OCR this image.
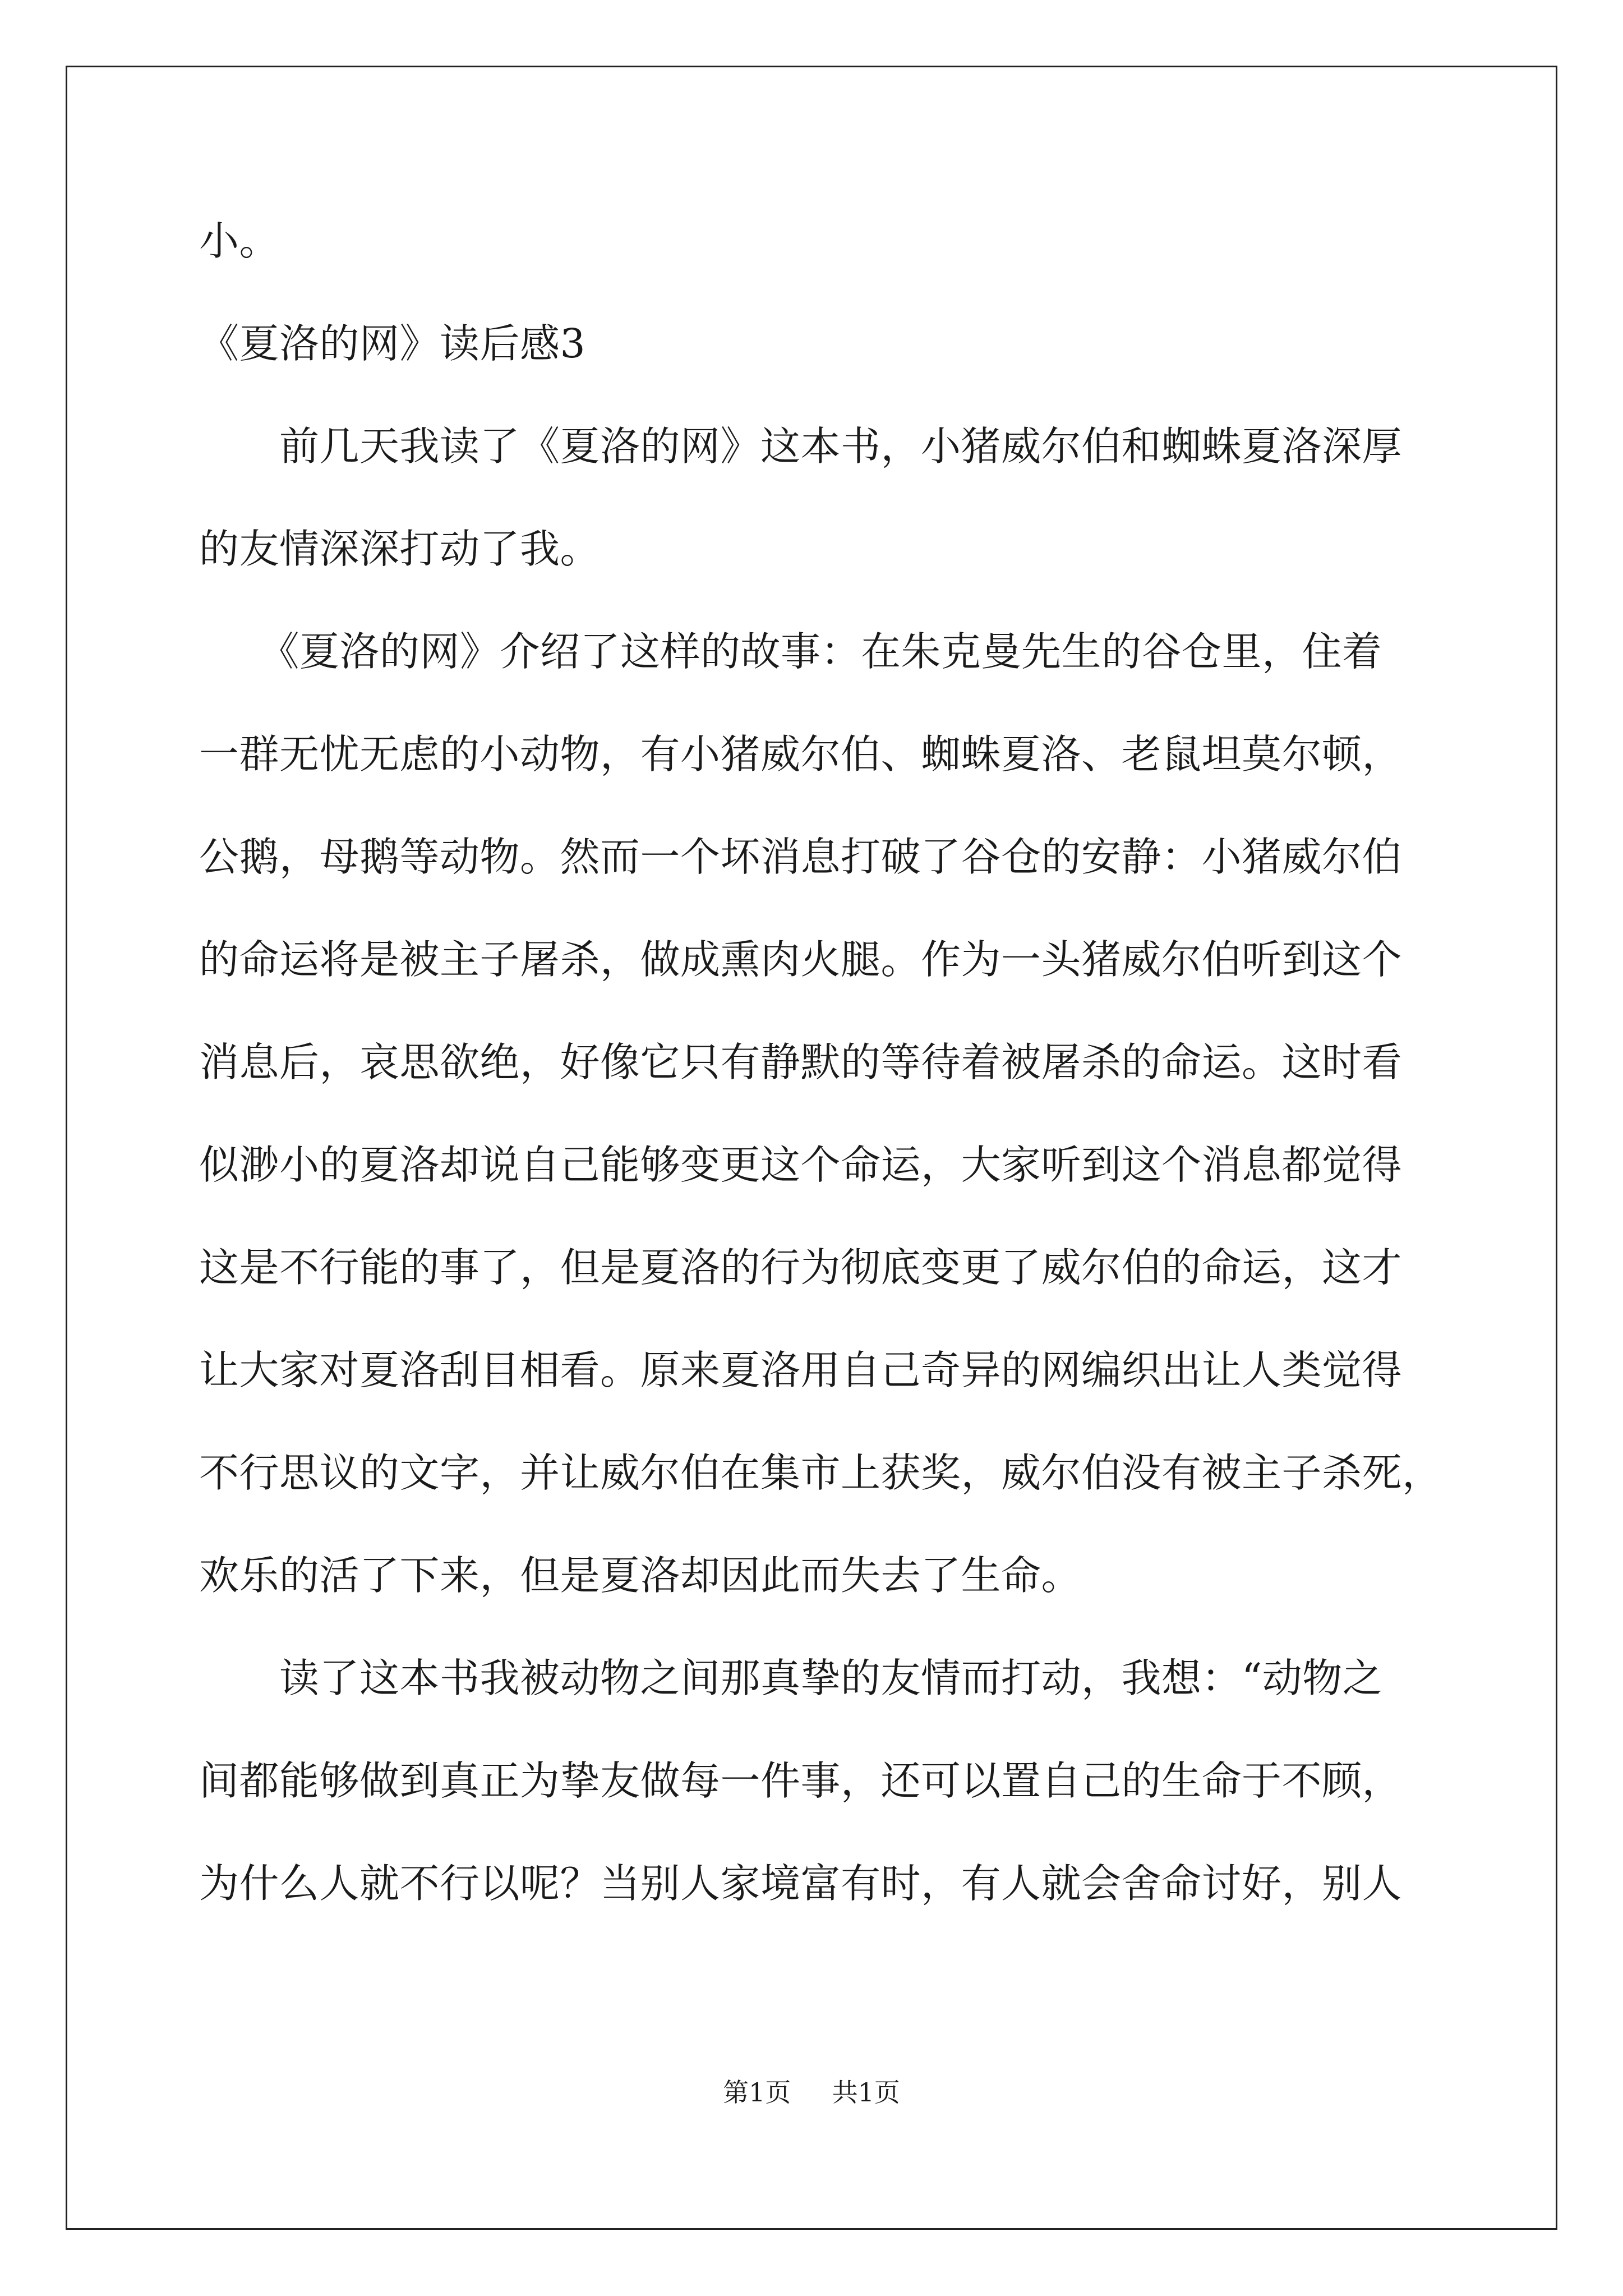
小。
《夏洛的网》读后感3
　　前几天我读了《夏洛的网》这本书，小猪威尔伯和蜘蛛夏洛深厚
的友情深深打动了我。
　　《夏洛的网》介绍了这样的故事：在朱克曼先生的谷仓里，住着
一群无忧无虑的小动物，有小猪威尔伯、蜘蛛夏洛、老鼠坦莫尔顿，
公鹅，母鹅等动物。然而一个坏消息打破了谷仓的安静：小猪威尔伯
的命运将是被主子屠杀，做成熏肉火腿。作为一头猪威尔伯听到这个
消息后，哀思欲绝，好像它只有静默的等待着被屠杀的命运。这时看
似渺小的夏洛却说自己能够变更这个命运，大家听到这个消息都觉得
这是不行能的事了，但是夏洛的行为彻底变更了威尔伯的命运，这才
让大家对夏洛刮目相看。原来夏洛用自己奇异的网编织出让人类觉得
不行思议的文字，并让威尔伯在集市上获奖，威尔伯没有被主子杀死，
欢乐的活了下来，但是夏洛却因此而失去了生命。
　　读了这本书我被动物之间那真挚的友情而打动，我想：“动物之
间都能够做到真正为挚友做每一件事，还可以置自己的生命于不顾，
为什么人就不行以呢？当别人家境富有时，有人就会舍命讨好，别人
第1页 共1页
